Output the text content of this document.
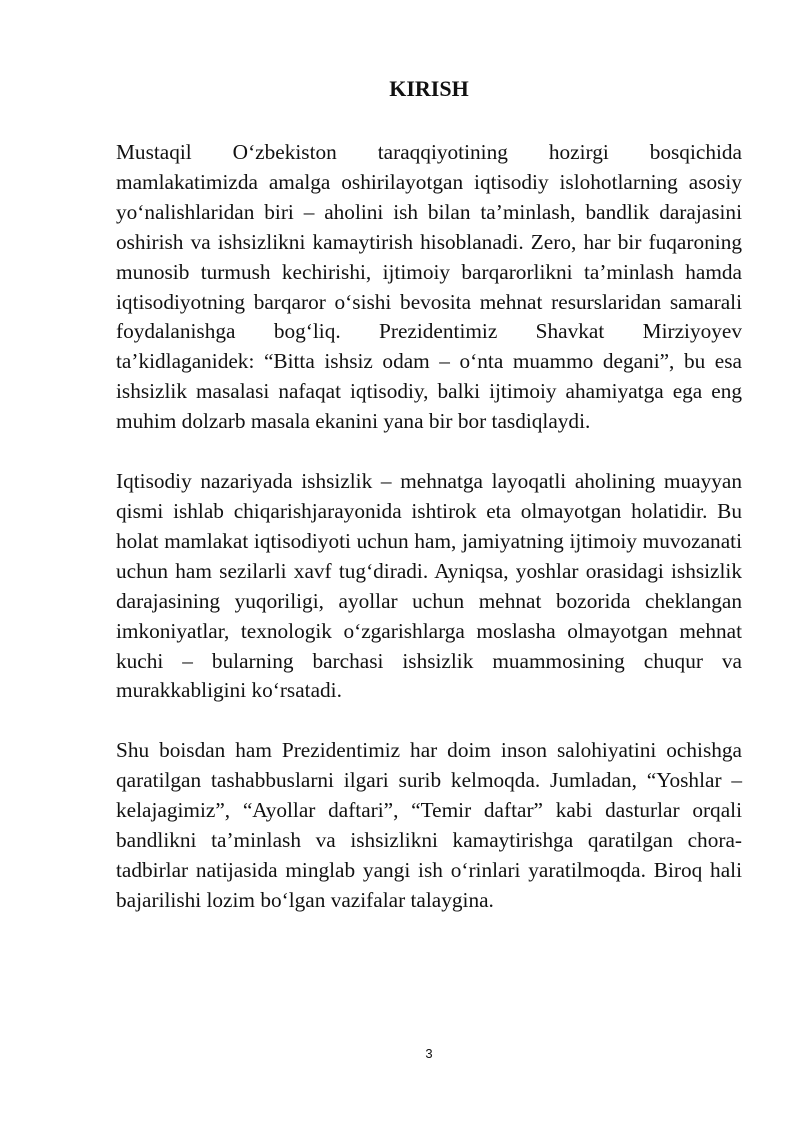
KIRISH

Mustaqil O‘zbekiston taraqqiyotining hozirgi bosqichida mamlakatimizda amalga oshirilayotgan iqtisodiy islohotlarning asosiy yo‘nalishlaridan biri – aholini ish bilan ta’minlash, bandlik darajasini oshirish va ishsizlikni kamaytirish hisoblanadi. Zero, har bir fuqaroning munosib turmush kechirishi, ijtimoiy barqarorlikni ta’minlash hamda iqtisodiyotning barqaror o‘sishi bevosita mehnat resurslaridan samarali foydalanishga bog‘liq. Prezidentimiz Shavkat Mirziyoyev ta’kidlaganidek: “Bitta ishsiz odam – o‘nta muammo degani”, bu esa ishsizlik masalasi nafaqat iqtisodiy, balki ijtimoiy ahamiyatga ega eng muhim dolzarb masala ekanini yana bir bor tasdiqlaydi.

Iqtisodiy nazariyada ishsizlik – mehnatga layoqatli aholining muayyan qismi ishlab chiqarishjarayonida ishtirok eta olmayotgan holatidir. Bu holat mamlakat iqtisodiyoti uchun ham, jamiyatning ijtimoiy muvozanati uchun ham sezilarli xavf tug‘diradi. Ayniqsa, yoshlar orasidagi ishsizlik darajasining yuqoriligi, ayollar uchun mehnat bozorida cheklangan imkoniyatlar, texnologik o‘zgarishlarga moslasha olmayotgan mehnat kuchi – bularning barchasi ishsizlik muammosining chuqur va murakkabligini ko‘rsatadi.

Shu boisdan ham Prezidentimiz har doim inson salohiyatini ochishga qaratilgan tashabbuslarni ilgari surib kelmoqda. Jumladan, “Yoshlar – kelajagimiz”, “Ayollar daftari”, “Temir daftar” kabi dasturlar orqali bandlikni ta’minlash va ishsizlikni kamaytirishga qaratilgan chora-tadbirlar natijasida minglab yangi ish o‘rinlari yaratilmoqda. Biroq hali bajarilishi lozim bo‘lgan vazifalar talaygina.

3
